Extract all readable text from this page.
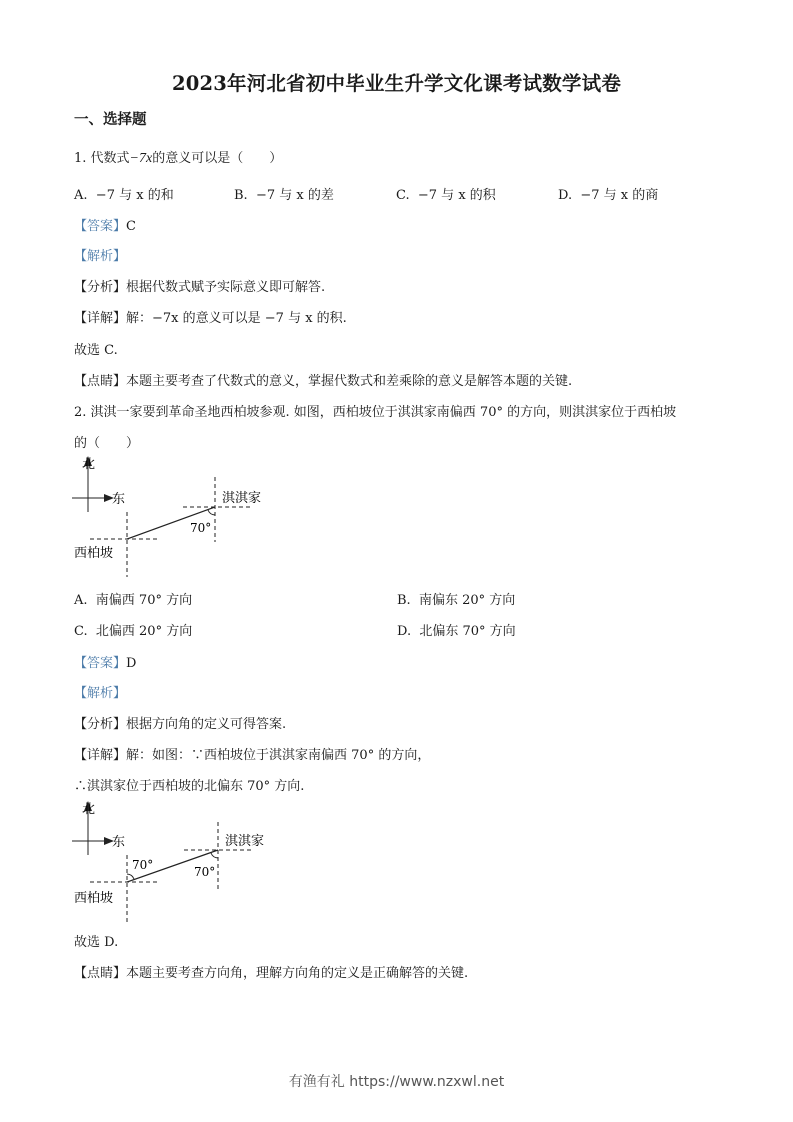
2023年河北省初中毕业生升学文化课考试数学试卷
一、选择题
1. 代数式−7x的意义可以是（　　）
A. −7 与 x 的和	B. −7 与 x 的差	C. −7 与 x 的积	D. −7 与 x 的商
【答案】C
【解析】
【分析】根据代数式赋予实际意义即可解答.
【详解】解：−7x 的意义可以是 −7 与 x 的积.
故选 C.
【点睛】本题主要考查了代数式的意义，掌握代数式和差乘除的意义是解答本题的关键.
2. 淇淇一家要到革命圣地西柏坡参观. 如图，西柏坡位于淇淇家南偏西 70° 的方向，则淇淇家位于西柏坡
的（　　）
北
东	淇淇家
西柏坡
70°
A. 南偏西 70° 方向	B. 南偏东 20° 方向
C. 北偏西 20° 方向	D. 北偏东 70° 方向
【答案】D
【解析】
【分析】根据方向角的定义可得答案.
【详解】解：如图：∵西柏坡位于淇淇家南偏西 70° 的方向，
∴淇淇家位于西柏坡的北偏东 70° 方向.
北
东	淇淇家
西柏坡
70°	70°
故选 D.
【点睛】本题主要考查方向角，理解方向角的定义是正确解答的关键.
有渔有礼 https://www.nzxwl.net
